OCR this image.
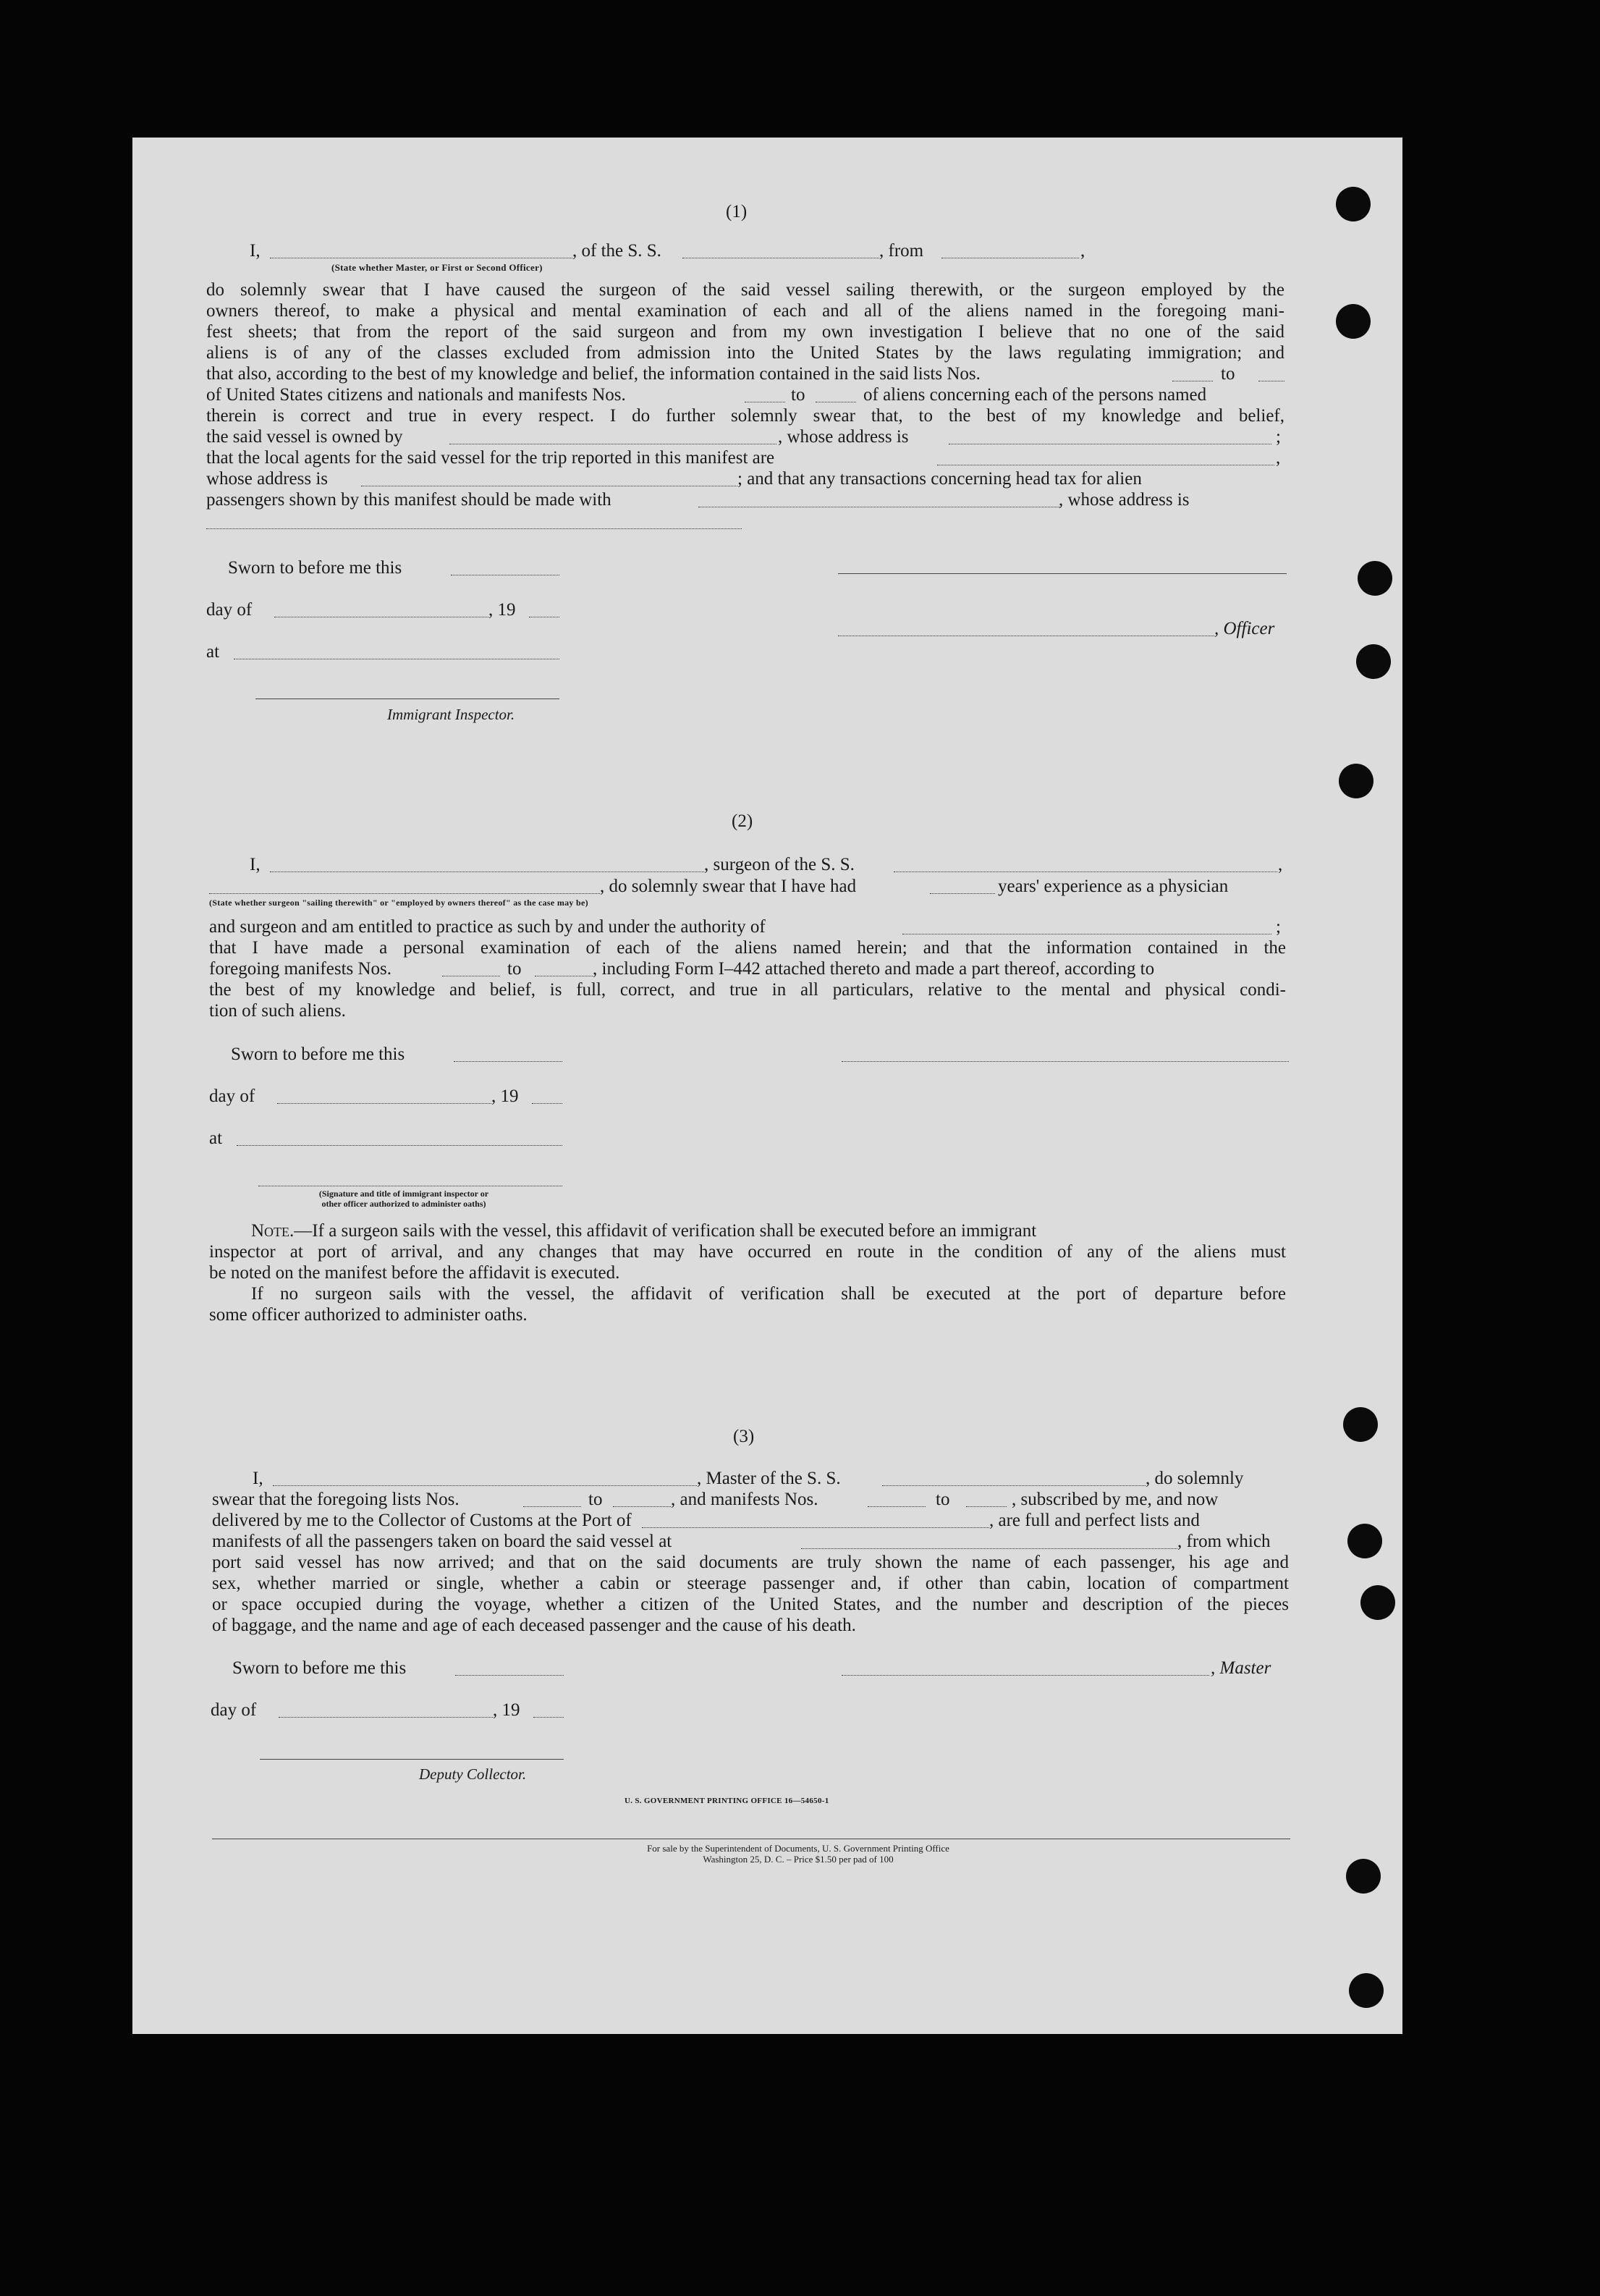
(1)
I,	, of the S. S.	, from	,
(State whether Master, or First or Second Officer)
do solemnly swear that I have caused the surgeon of the said vessel sailing therewith, or the surgeon employed by the
owners thereof, to make a physical and mental examination of each and all of the aliens named in the foregoing mani-
fest sheets; that from the report of the said surgeon and from my own investigation I believe that no one of the said
aliens is of any of the classes excluded from admission into the United States by the laws regulating immigration; and
that also, according to the best of my knowledge and belief, the information contained in the said lists Nos.	to
of United States citizens and nationals and manifests Nos.	to	of aliens concerning each of the persons named
therein is correct and true in every respect. I do further solemnly swear that, to the best of my knowledge and belief,
the said vessel is owned by	, whose address is	;
that the local agents for the said vessel for the trip reported in this manifest are	,
whose address is	; and that any transactions concerning head tax for alien
passengers shown by this manifest should be made with	, whose address is
Sworn to before me this
day of	, 19
, Officer
at
Immigrant Inspector.
(2)
I,	, surgeon of the S. S.	,
, do solemnly swear that I have had	years' experience as a physician
(State whether surgeon "sailing therewith" or "employed by owners thereof" as the case may be)
and surgeon and am entitled to practice as such by and under the authority of	;
that I have made a personal examination of each of the aliens named herein; and that the information contained in the
foregoing manifests Nos.	to	, including Form I–442 attached thereto and made a part thereof, according to
the best of my knowledge and belief, is full, correct, and true in all particulars, relative to the mental and physical condi-
tion of such aliens.
Sworn to before me this
day of	, 19
at
(Signature and title of immigrant inspector or
other officer authorized to administer oaths)
Note.—If a surgeon sails with the vessel, this affidavit of verification shall be executed before an immigrant
inspector at port of arrival, and any changes that may have occurred en route in the condition of any of the aliens must
be noted on the manifest before the affidavit is executed.
If no surgeon sails with the vessel, the affidavit of verification shall be executed at the port of departure before
some officer authorized to administer oaths.
(3)
I,	, Master of the S. S.	, do solemnly
swear that the foregoing lists Nos.	to	, and manifests Nos.	to	, subscribed by me, and now
delivered by me to the Collector of Customs at the Port of	, are full and perfect lists and
manifests of all the passengers taken on board the said vessel at	, from which
port said vessel has now arrived; and that on the said documents are truly shown the name of each passenger, his age and
sex, whether married or single, whether a cabin or steerage passenger and, if other than cabin, location of compartment
or space occupied during the voyage, whether a citizen of the United States, and the number and description of the pieces
of baggage, and the name and age of each deceased passenger and the cause of his death.
Sworn to before me this	, Master
day of	, 19
Deputy Collector.
U. S. GOVERNMENT PRINTING OFFICE 16—54650-1
For sale by the Superintendent of Documents, U. S. Government Printing Office
Washington 25, D. C. – Price $1.50 per pad of 100
